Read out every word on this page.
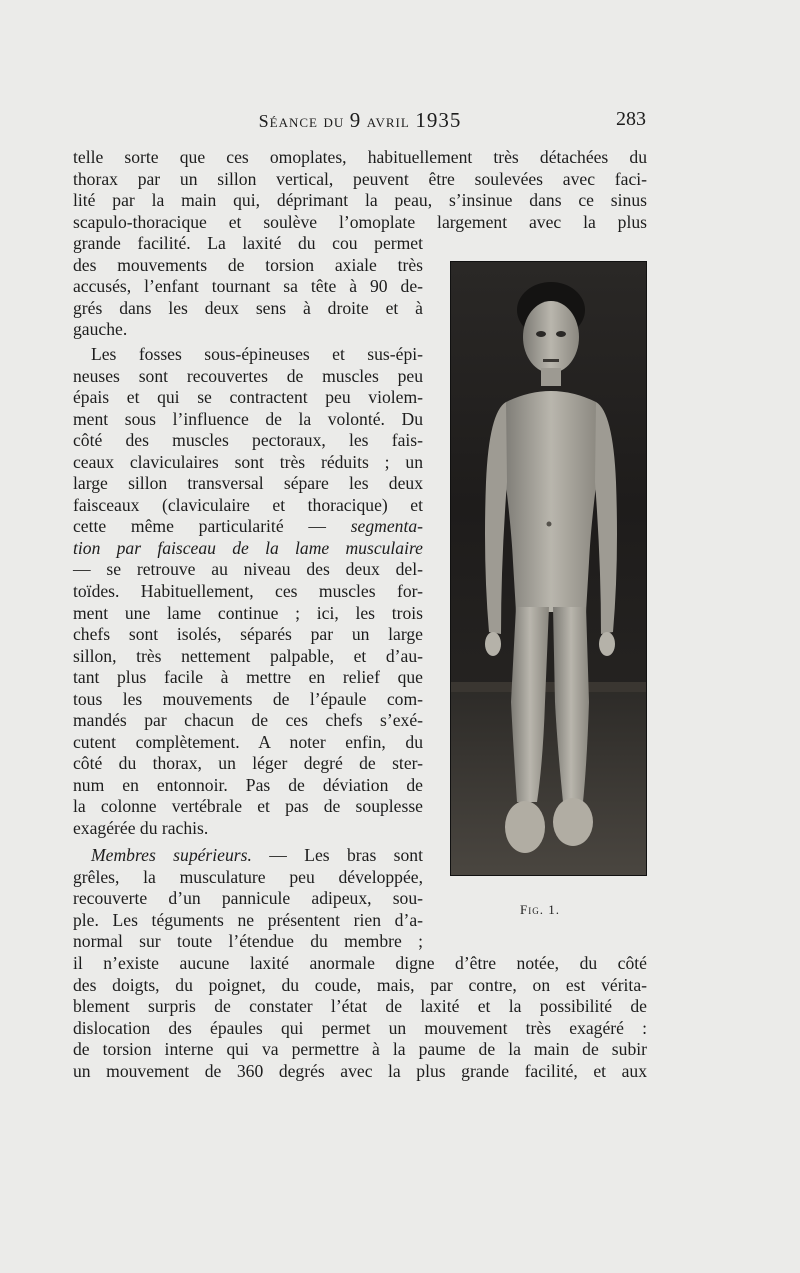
Séance du 9 avril 1935	283

telle sorte que ces omoplates, habituellement très détachées du
thorax par un sillon vertical, peuvent être soulevées avec faci-
lité par la main qui, déprimant la peau, s’insinue dans ce sinus
scapulo-thoracique et soulève l’omoplate largement avec la plus

grande facilité. La laxité du cou permet
des mouvements de torsion axiale très
accusés, l’enfant tournant sa tête à 90 de-
grés dans les deux sens à droite et à
gauche.

Les fosses sous-épineuses et sus-épi-
neuses sont recouvertes de muscles peu
épais et qui se contractent peu violem-
ment sous l’influence de la volonté. Du
côté des muscles pectoraux, les fais-
ceaux claviculaires sont très réduits ; un
large sillon transversal sépare les deux
faisceaux (claviculaire et thoracique) et
cette même particularité — segmenta-
tion par faisceau de la lame musculaire
— se retrouve au niveau des deux del-
toïdes. Habituellement, ces muscles for-
ment une lame continue ; ici, les trois
chefs sont isolés, séparés par un large
sillon, très nettement palpable, et d’au-
tant plus facile à mettre en relief que
tous les mouvements de l’épaule com-
mandés par chacun de ces chefs s’exé-
cutent complètement. A noter enfin, du
côté du thorax, un léger degré de ster-
num en entonnoir. Pas de déviation de
la colonne vertébrale et pas de souplesse
exagérée du rachis.

Membres supérieurs. — Les bras sont
grêles, la musculature peu développée,
recouverte d’un pannicule adipeux, sou-
ple. Les téguments ne présentent rien d’a-
normal sur toute l’étendue du membre ;

il n’existe aucune laxité anormale digne d’être notée, du côté
des doigts, du poignet, du coude, mais, par contre, on est vérita-
blement surpris de constater l’état de laxité et la possibilité de
dislocation des épaules qui permet un mouvement très exagéré :
de torsion interne qui va permettre à la paume de la main de subir
un mouvement de 360 degrés avec la plus grande facilité, et aux

Fig. 1.
